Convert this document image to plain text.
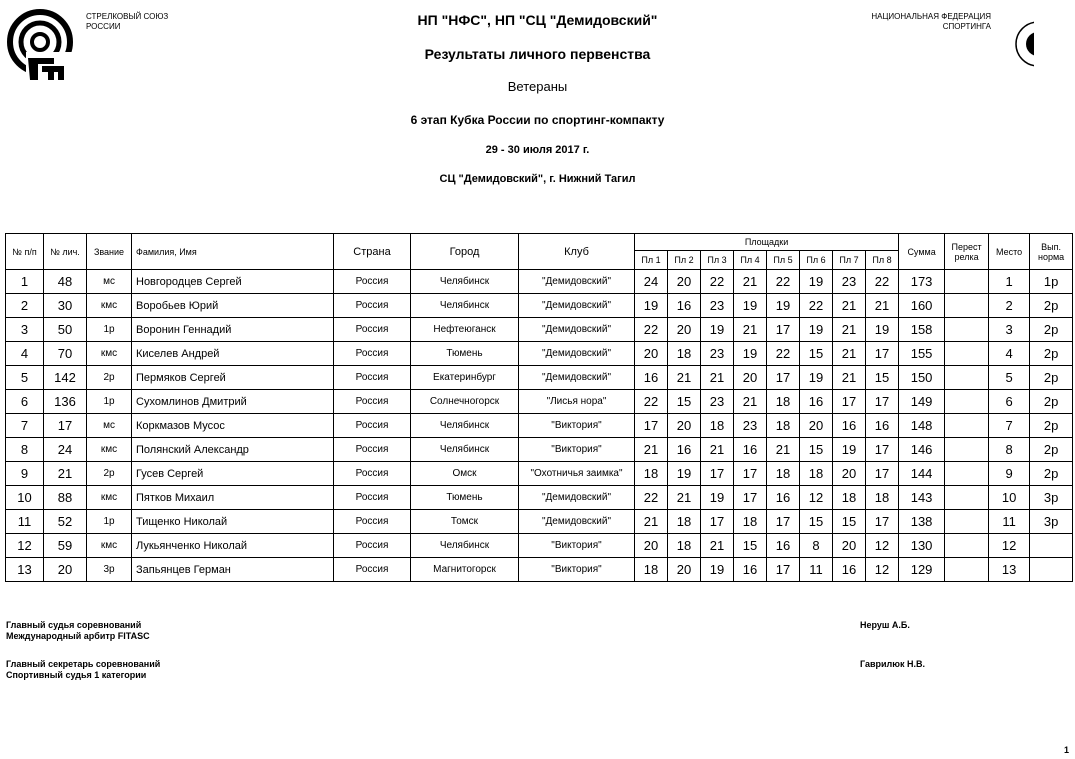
СТРЕЛКОВЫЙ СОЮЗ
РОССИИ
НАЦИОНАЛЬНАЯ ФЕДЕРАЦИЯ
СПОРТИНГА
НП "НФС", НП "СЦ "Демидовский"
Результаты личного первенства
Ветераны
6 этап Кубка России по спортинг-компакту
29 - 30 июля 2017 г.
СЦ "Демидовский", г. Нижний Тагил
№ п/п	№ лич.	Звание	Фамилия, Имя	Страна	Город	Клуб	Площадки								Сумма	Перест релка	Место	Вып. норма
							Пл 1	Пл 2	Пл 3	Пл 4	Пл 5	Пл 6	Пл 7	Пл 8				
1	48	мс	Новгородцев Сергей	Россия	Челябинск	"Демидовский"	24	20	22	21	22	19	23	22	173		1	1р
2	30	кмс	Воробьев Юрий	Россия	Челябинск	"Демидовский"	19	16	23	19	19	22	21	21	160		2	2р
3	50	1р	Воронин Геннадий	Россия	Нефтеюганск	"Демидовский"	22	20	19	21	17	19	21	19	158		3	2р
4	70	кмс	Киселев Андрей	Россия	Тюмень	"Демидовский"	20	18	23	19	22	15	21	17	155		4	2р
5	142	2р	Пермяков Сергей	Россия	Екатеринбург	"Демидовский"	16	21	21	20	17	19	21	15	150		5	2р
6	136	1р	Сухомлинов Дмитрий	Россия	Солнечногорск	"Лисья нора"	22	15	23	21	18	16	17	17	149		6	2р
7	17	мс	Коркмазов Мусос	Россия	Челябинск	"Виктория"	17	20	18	23	18	20	16	16	148		7	2р
8	24	кмс	Полянский Александр	Россия	Челябинск	"Виктория"	21	16	21	16	21	15	19	17	146		8	2р
9	21	2р	Гусев Сергей	Россия	Омск	"Охотничья заимка"	18	19	17	17	18	18	20	17	144		9	2р
10	88	кмс	Пятков Михаил	Россия	Тюмень	"Демидовский"	22	21	19	17	16	12	18	18	143		10	3р
11	52	1р	Тищенко Николай	Россия	Томск	"Демидовский"	21	18	17	18	17	15	15	17	138		11	3р
12	59	кмс	Лукьянченко Николай	Россия	Челябинск	"Виктория"	20	18	21	15	16	8	20	12	130		12	
13	20	3р	Запьянцев Герман	Россия	Магнитогорск	"Виктория"	18	20	19	16	17	11	16	12	129		13	
Главный судья соревнований
Международный арбитр FITASC
Неруш А.Б.
Главный секретарь соревнований
Спортивный судья 1 категории
Гаврилюк Н.В.
1
